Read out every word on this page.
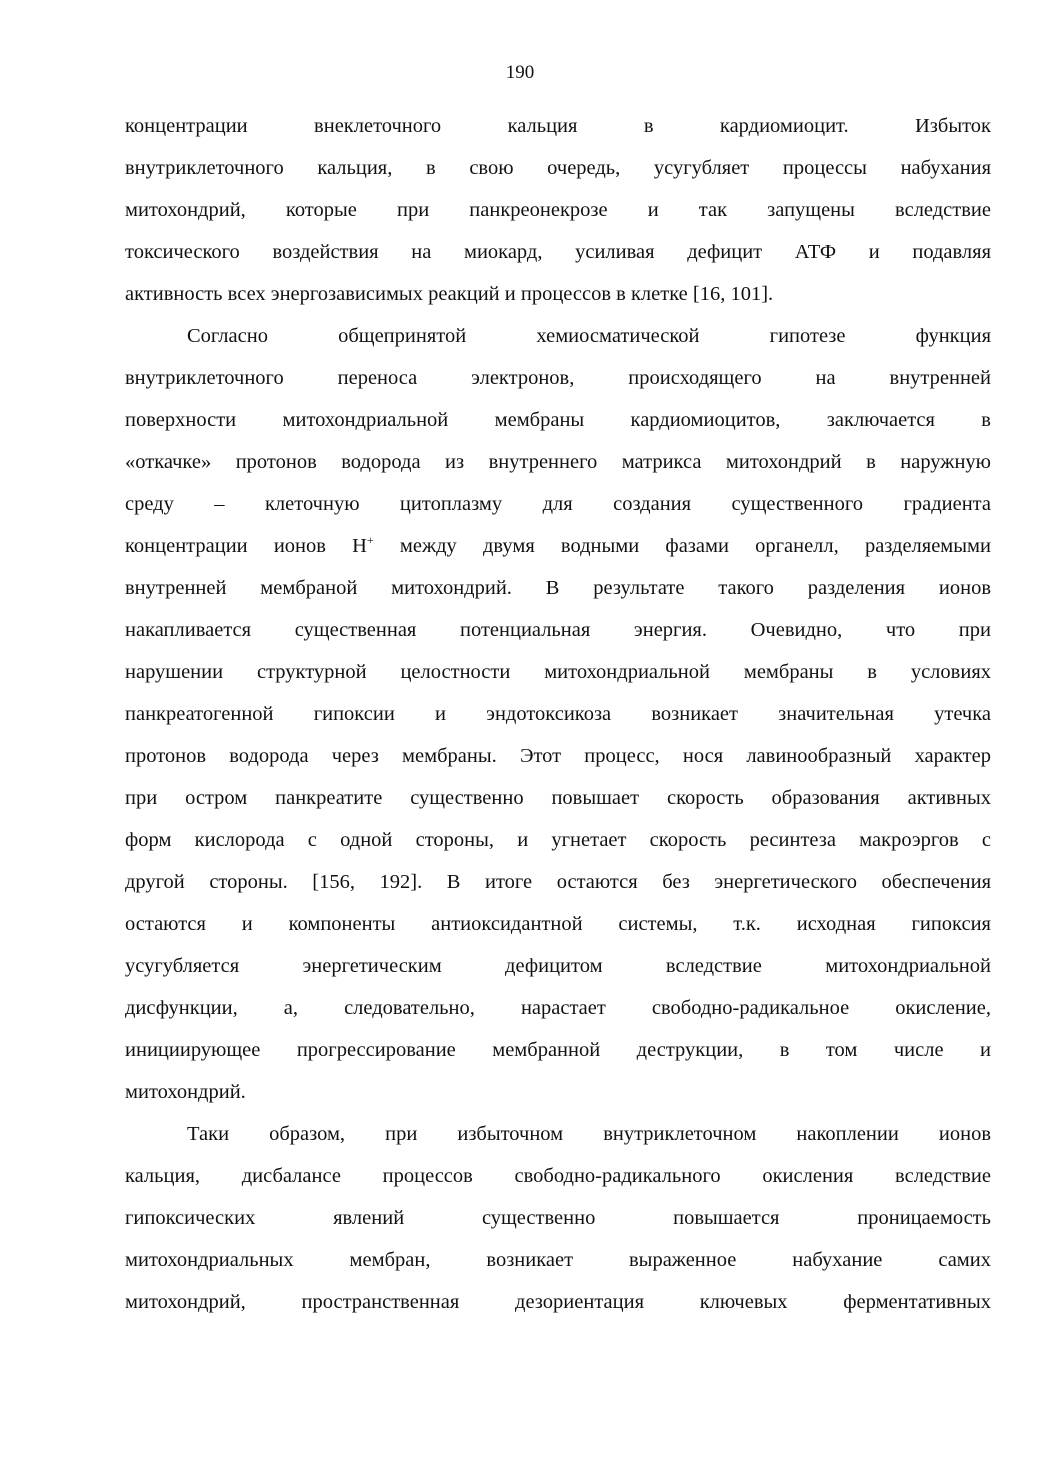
190
концентрации внеклеточного кальция в кардиомиоцит. Избыток
внутриклеточного кальция, в свою очередь, усугубляет процессы набухания
митохондрий, которые при панкреонекрозе и так запущены вследствие
токсического воздействия на миокард, усиливая дефицит АТФ и подавляя
активность всех энергозависимых реакций и процессов в клетке [16, 101].
Согласно общепринятой хемиосматической гипотезе функция
внутриклеточного переноса электронов, происходящего на внутренней
поверхности митохондриальной мембраны кардиомиоцитов, заключается в
«откачке» протонов водорода из внутреннего матрикса митохондрий в наружную
среду – клеточную цитоплазму для создания существенного градиента
концентрации ионов Н+ между двумя водными фазами органелл, разделяемыми
внутренней мембраной митохондрий. В результате такого разделения ионов
накапливается существенная потенциальная энергия. Очевидно, что при
нарушении структурной целостности митохондриальной мембраны в условиях
панкреатогенной гипоксии и эндотоксикоза возникает значительная утечка
протонов водорода через мембраны. Этот процесс, нося лавинообразный характер
при остром панкреатите существенно повышает скорость образования активных
форм кислорода с одной стороны, и угнетает скорость ресинтеза макроэргов с
другой стороны. [156, 192]. В итоге остаются без энергетического обеспечения
остаются и компоненты антиоксидантной системы, т.к. исходная гипоксия
усугубляется энергетическим дефицитом вследствие митохондриальной
дисфункции, а, следовательно, нарастает свободно-радикальное окисление,
инициирующее прогрессирование мембранной деструкции, в том числе и
митохондрий.
Таки образом, при избыточном внутриклеточном накоплении ионов
кальция, дисбалансе процессов свободно-радикального окисления вследствие
гипоксических явлений существенно повышается проницаемость
митохондриальных мембран, возникает выраженное набухание самих
митохондрий, пространственная дезориентация ключевых ферментативных
